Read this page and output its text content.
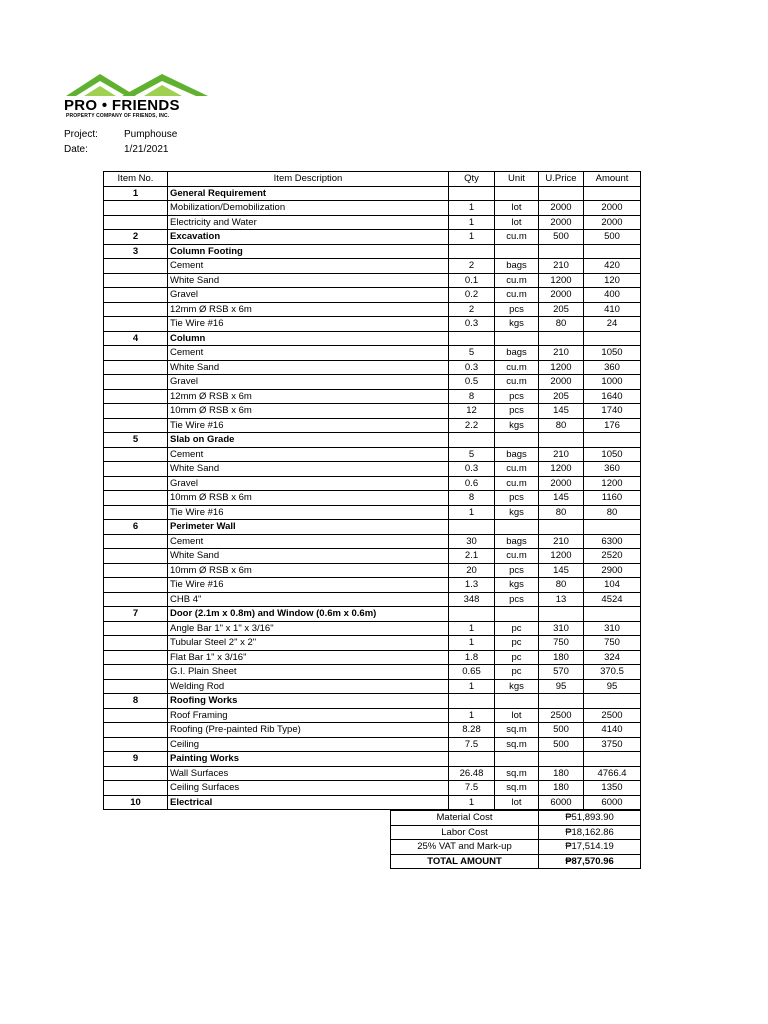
PRO • FRIENDS
PROPERTY COMPANY OF FRIENDS, INC.
Project:	Pumphouse
Date:	1/21/2021
Item No.	Item Description	Qty	Unit	U.Price	Amount
1	General Requirement				
	Mobilization/Demobilization	1	lot	2000	2000
	Electricity and Water	1	lot	2000	2000
2	Excavation	1	cu.m	500	500
3	Column Footing				
	Cement	2	bags	210	420
	White Sand	0.1	cu.m	1200	120
	Gravel	0.2	cu.m	2000	400
	12mm Ø RSB x 6m	2	pcs	205	410
	Tie Wire #16	0.3	kgs	80	24
4	Column				
	Cement	5	bags	210	1050
	White Sand	0.3	cu.m	1200	360
	Gravel	0.5	cu.m	2000	1000
	12mm Ø RSB x 6m	8	pcs	205	1640
	10mm Ø RSB x 6m	12	pcs	145	1740
	Tie Wire #16	2.2	kgs	80	176
5	Slab on Grade				
	Cement	5	bags	210	1050
	White Sand	0.3	cu.m	1200	360
	Gravel	0.6	cu.m	2000	1200
	10mm Ø RSB x 6m	8	pcs	145	1160
	Tie Wire #16	1	kgs	80	80
6	Perimeter Wall				
	Cement	30	bags	210	6300
	White Sand	2.1	cu.m	1200	2520
	10mm Ø RSB x 6m	20	pcs	145	2900
	Tie Wire #16	1.3	kgs	80	104
	CHB 4"	348	pcs	13	4524
7	Door (2.1m x 0.8m) and Window (0.6m x 0.6m)				
	Angle Bar 1" x 1" x 3/16"	1	pc	310	310
	Tubular Steel 2" x 2"	1	pc	750	750
	Flat Bar 1" x 3/16"	1.8	pc	180	324
	G.I. Plain Sheet	0.65	pc	570	370.5
	Welding Rod	1	kgs	95	95
8	Roofing Works				
	Roof Framing	1	lot	2500	2500
	Roofing (Pre-painted Rib Type)	8.28	sq.m	500	4140
	Ceiling	7.5	sq.m	500	3750
9	Painting Works				
	Wall Surfaces	26.48	sq.m	180	4766.4
	Ceiling Surfaces	7.5	sq.m	180	1350
10	Electrical	1	lot	6000	6000
Material Cost	₱51,893.90
Labor Cost	₱18,162.86
25% VAT and Mark-up	₱17,514.19
TOTAL AMOUNT	₱87,570.96
